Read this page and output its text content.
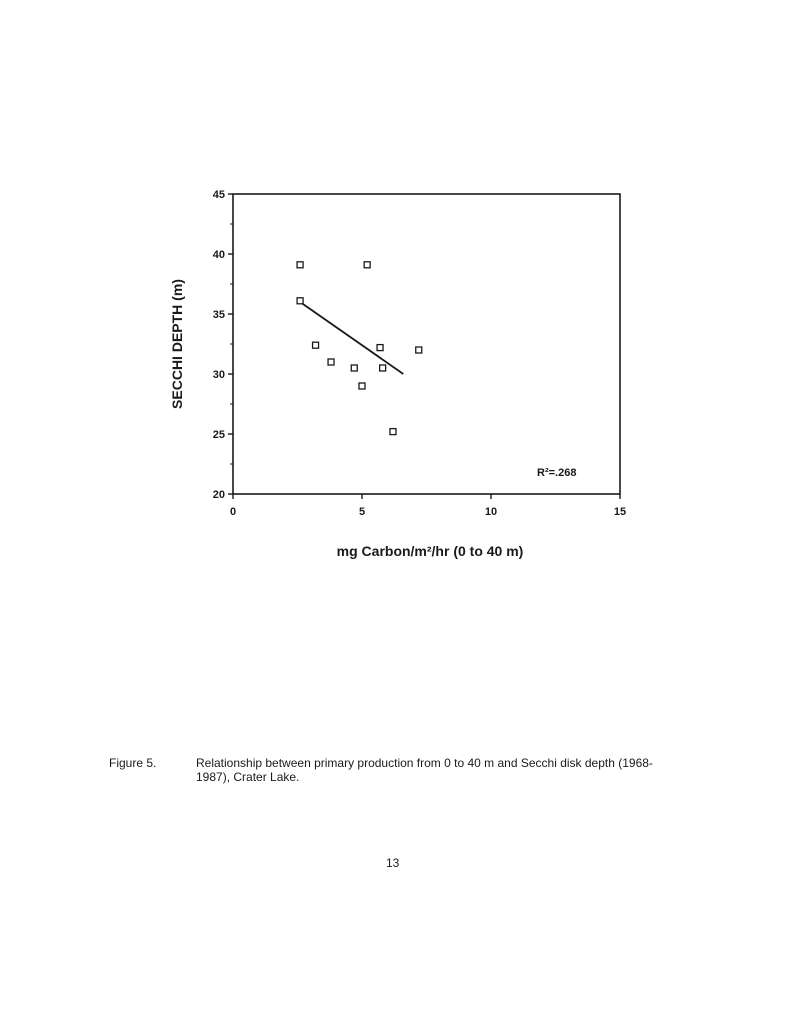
20
25
30
35
40
45
0	5	10	15
SECCHI DEPTH (m)
mg Carbon/m²/hr (0 to 40 m)
R²=.268
Figure 5.	Relationship between primary production from 0 to 40 m and Secchi disk depth (1968-1987), Crater Lake.
13
